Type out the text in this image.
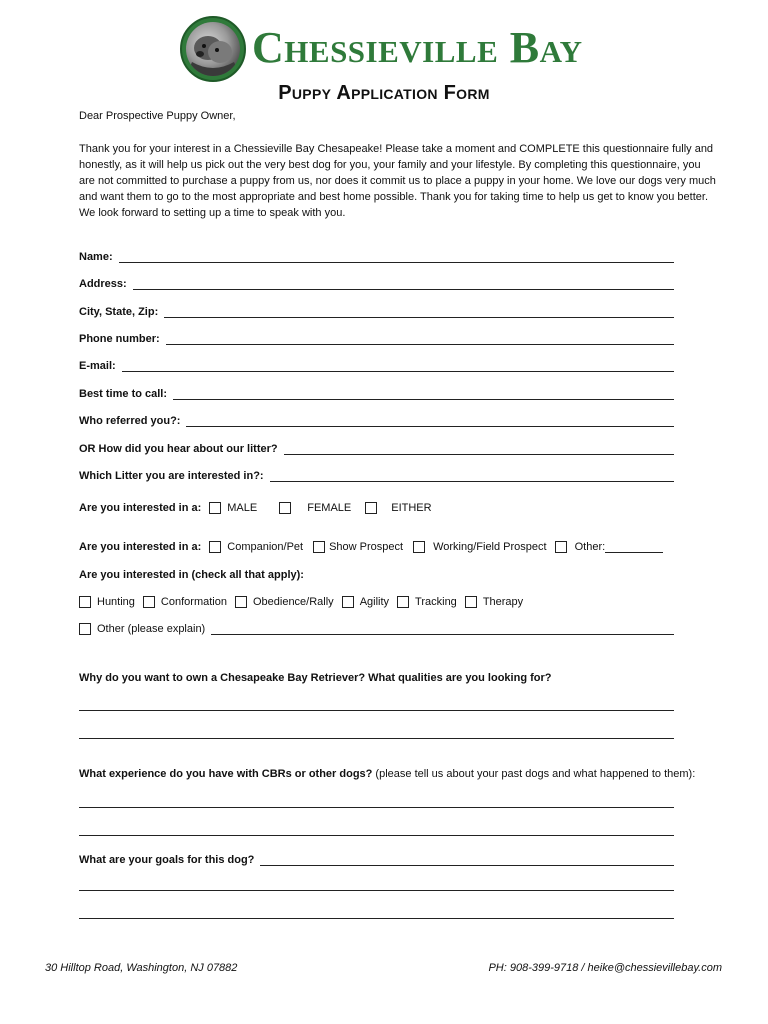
Chessieville Bay
Puppy Application Form
Dear Prospective Puppy Owner,
Thank you for your interest in a Chessieville Bay Chesapeake! Please take a moment and COMPLETE this questionnaire fully and honestly, as it will help us pick out the very best dog for you, your family and your lifestyle. By completing this questionnaire, you are not committed to purchase a puppy from us, nor does it commit us to place a puppy in your home. We love our dogs very much and want them to go to the most appropriate and best home possible. Thank you for taking time to help us get to know you better. We look forward to setting up a time to speak with you.
Name:
Address:
City, State, Zip:
Phone number:
E-mail:
Best time to call:
Who referred you?:
OR How did you hear about our litter?
Which Litter you are interested in?:
Are you interested in a: MALE	FEMALE	EITHER
Are you interested in a: Companion/Pet Show Prospect	Working/Field Prospect	Other:
Are you interested in (check all that apply):
Hunting Conformation Obedience/Rally Agility Tracking Therapy
Other (please explain)
Why do you want to own a Chesapeake Bay Retriever? What qualities are you looking for?
What experience do you have with CBRs or other dogs? (please tell us about your past dogs and what happened to them):
What are your goals for this dog?
30 Hilltop Road, Washington, NJ 07882	PH: 908-399-9718 / heike@chessievillebay.com
